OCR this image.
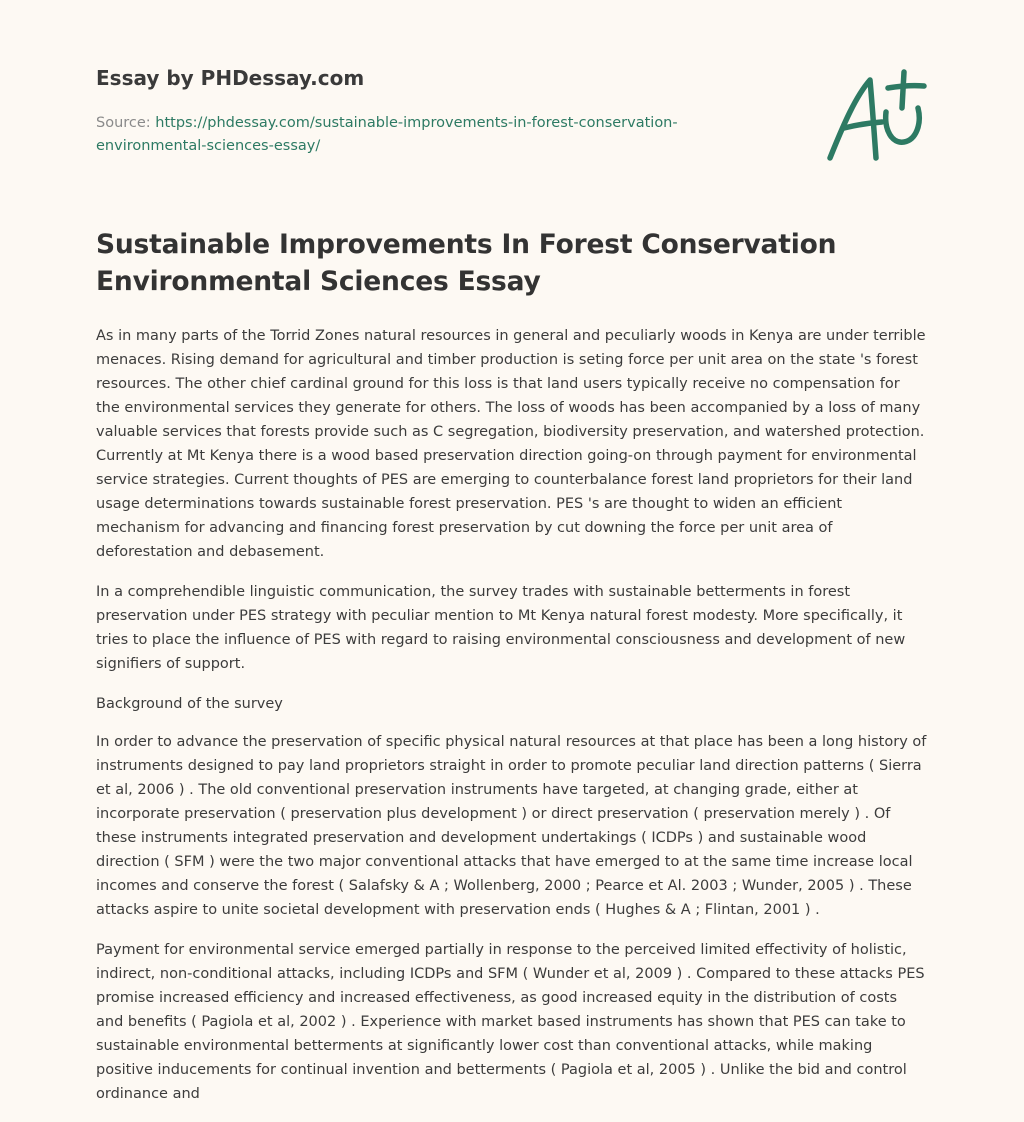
Essay by PHDessay.com

Source: https://phdessay.com/sustainable-improvements-in-forest-conservation-environmental-sciences-essay/
Sustainable Improvements In Forest Conservation Environmental Sciences Essay

As in many parts of the Torrid Zones natural resources in general and peculiarly woods in Kenya are under terrible menaces. Rising demand for agricultural and timber production is seting force per unit area on the state 's forest resources. The other chief cardinal ground for this loss is that land users typically receive no compensation for the environmental services they generate for others. The loss of woods has been accompanied by a loss of many valuable services that forests provide such as C segregation, biodiversity preservation, and watershed protection. Currently at Mt Kenya there is a wood based preservation direction going-on through payment for environmental service strategies. Current thoughts of PES are emerging to counterbalance forest land proprietors for their land usage determinations towards sustainable forest preservation. PES 's are thought to widen an efficient mechanism for advancing and financing forest preservation by cut downing the force per unit area of deforestation and debasement.

In a comprehendible linguistic communication, the survey trades with sustainable betterments in forest preservation under PES strategy with peculiar mention to Mt Kenya natural forest modesty. More specifically, it tries to place the influence of PES with regard to raising environmental consciousness and development of new signifiers of support.

Background of the survey

In order to advance the preservation of specific physical natural resources at that place has been a long history of instruments designed to pay land proprietors straight in order to promote peculiar land direction patterns ( Sierra et al, 2006 ) . The old conventional preservation instruments have targeted, at changing grade, either at incorporate preservation ( preservation plus development ) or direct preservation ( preservation merely ) . Of these instruments integrated preservation and development undertakings ( ICDPs ) and sustainable wood direction ( SFM ) were the two major conventional attacks that have emerged to at the same time increase local incomes and conserve the forest ( Salafsky & A ; Wollenberg, 2000 ; Pearce et Al. 2003 ; Wunder, 2005 ) . These attacks aspire to unite societal development with preservation ends ( Hughes & A ; Flintan, 2001 ) .

Payment for environmental service emerged partially in response to the perceived limited effectivity of holistic, indirect, non-conditional attacks, including ICDPs and SFM ( Wunder et al, 2009 ) . Compared to these attacks PES promise increased efficiency and increased effectiveness, as good increased equity in the distribution of costs and benefits ( Pagiola et al, 2002 ) . Experience with market based instruments has shown that PES can take to sustainable environmental betterments at significantly lower cost than conventional attacks, while making positive inducements for continual invention and betterments ( Pagiola et al, 2005 ) . Unlike the bid and control ordinance and
